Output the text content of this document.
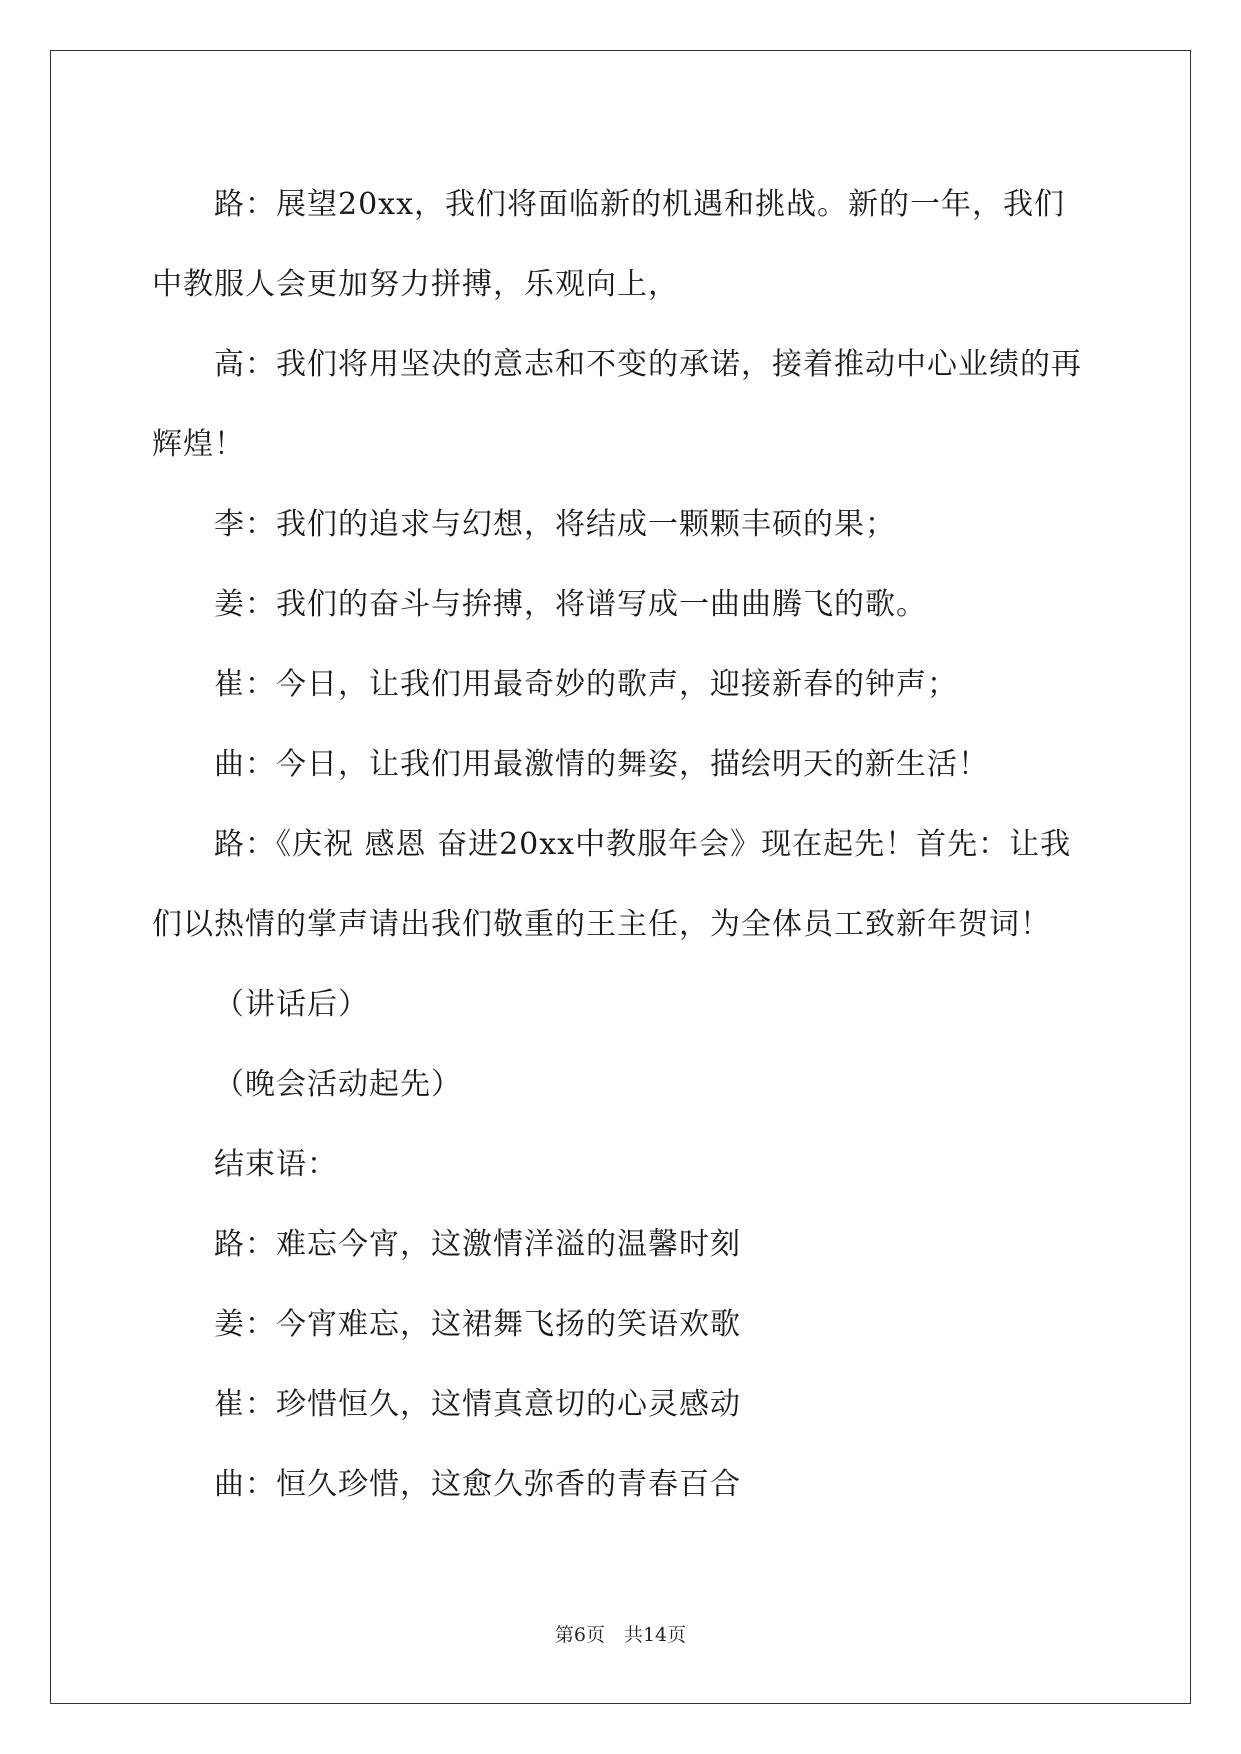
路：展望20xx，我们将面临新的机遇和挑战。新的一年，我们中教服人会更加努力拼搏，乐观向上，

高：我们将用坚决的意志和不变的承诺，接着推动中心业绩的再辉煌！

李：我们的追求与幻想，将结成一颗颗丰硕的果；

姜：我们的奋斗与拚搏，将谱写成一曲曲腾飞的歌。

崔：今日，让我们用最奇妙的歌声，迎接新春的钟声；

曲：今日，让我们用最激情的舞姿，描绘明天的新生活！

路：《庆祝 感恩 奋进20xx中教服年会》现在起先！首先：让我们以热情的掌声请出我们敬重的王主任，为全体员工致新年贺词！

（讲话后）

（晚会活动起先）

结束语：

路：难忘今宵，这激情洋溢的温馨时刻

姜：今宵难忘，这裙舞飞扬的笑语欢歌

崔：珍惜恒久，这情真意切的心灵感动

曲：恒久珍惜，这愈久弥香的青春百合

第6页　共14页
